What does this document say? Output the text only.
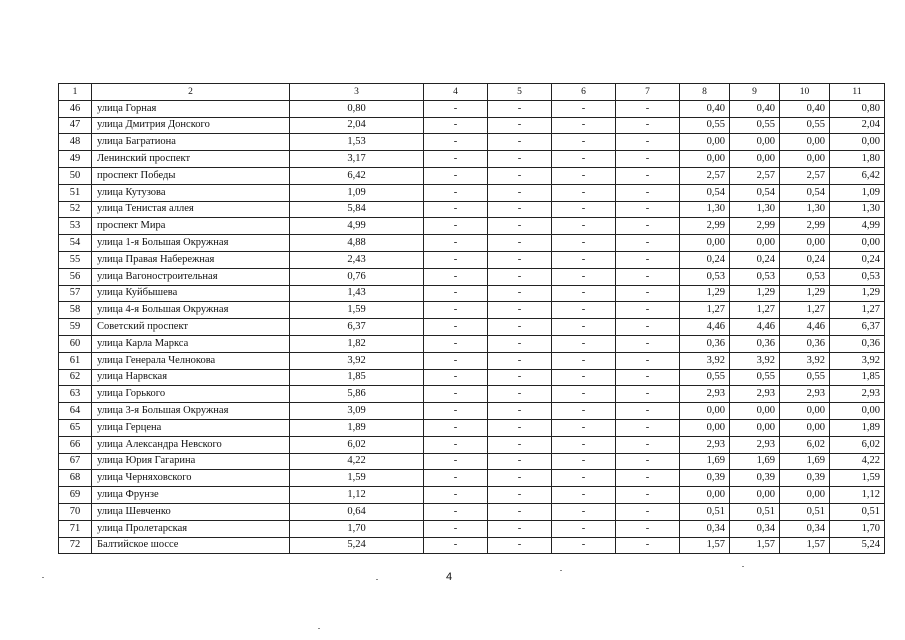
1	2	3	4	5	6	7	8	9	10	11
46	улица Горная	0,80	-	-	-	-	0,40	0,40	0,40	0,80
47	улица Дмитрия Донского	2,04	-	-	-	-	0,55	0,55	0,55	2,04
48	улица Багратиона	1,53	-	-	-	-	0,00	0,00	0,00	0,00
49	Ленинский проспект	3,17	-	-	-	-	0,00	0,00	0,00	1,80
50	проспект Победы	6,42	-	-	-	-	2,57	2,57	2,57	6,42
51	улица Кутузова	1,09	-	-	-	-	0,54	0,54	0,54	1,09
52	улица Тенистая аллея	5,84	-	-	-	-	1,30	1,30	1,30	1,30
53	проспект Мира	4,99	-	-	-	-	2,99	2,99	2,99	4,99
54	улица 1-я Большая Окружная	4,88	-	-	-	-	0,00	0,00	0,00	0,00
55	улица Правая Набережная	2,43	-	-	-	-	0,24	0,24	0,24	0,24
56	улица Вагоностроительная	0,76	-	-	-	-	0,53	0,53	0,53	0,53
57	улица Куйбышева	1,43	-	-	-	-	1,29	1,29	1,29	1,29
58	улица 4-я Большая Окружная	1,59	-	-	-	-	1,27	1,27	1,27	1,27
59	Советский проспект	6,37	-	-	-	-	4,46	4,46	4,46	6,37
60	улица Карла Маркса	1,82	-	-	-	-	0,36	0,36	0,36	0,36
61	улица Генерала Челнокова	3,92	-	-	-	-	3,92	3,92	3,92	3,92
62	улица Нарвская	1,85	-	-	-	-	0,55	0,55	0,55	1,85
63	улица Горького	5,86	-	-	-	-	2,93	2,93	2,93	2,93
64	улица 3-я Большая Окружная	3,09	-	-	-	-	0,00	0,00	0,00	0,00
65	улица Герцена	1,89	-	-	-	-	0,00	0,00	0,00	1,89
66	улица Александра Невского	6,02	-	-	-	-	2,93	2,93	6,02	6,02
67	улица Юрия Гагарина	4,22	-	-	-	-	1,69	1,69	1,69	4,22
68	улица Черняховского	1,59	-	-	-	-	0,39	0,39	0,39	1,59
69	улица Фрунзе	1,12	-	-	-	-	0,00	0,00	0,00	1,12
70	улица Шевченко	0,64	-	-	-	-	0,51	0,51	0,51	0,51
71	улица Пролетарская	1,70	-	-	-	-	0,34	0,34	0,34	1,70
72	Балтийское шоссе	5,24	-	-	-	-	1,57	1,57	1,57	5,24
4
